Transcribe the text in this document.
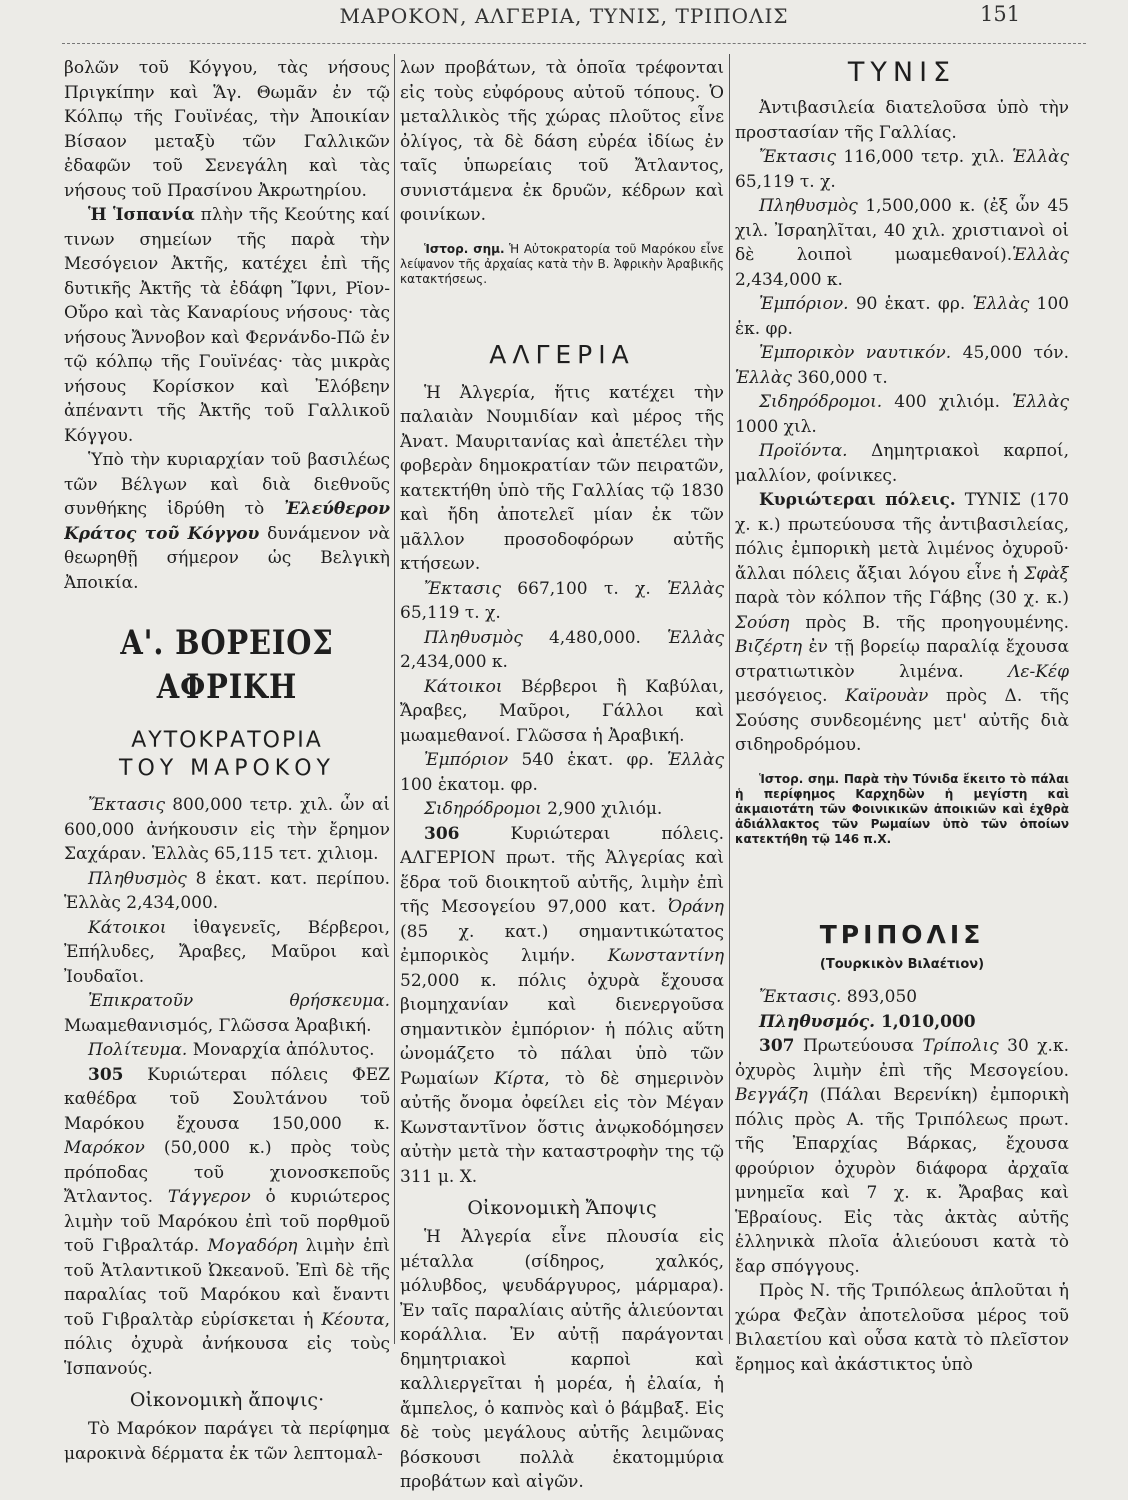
ΜΑΡΟΚΟΝ, ΑΛΓΕΡΙΑ, ΤΥΝΙΣ, ΤΡΙΠΟΛΙΣ	151

βολῶν τοῦ Κόγγου, τὰς νήσους Πριγκίπην καὶ Ἅγ. Θωμᾶν ἐν τῷ Κόλπῳ τῆς Γουϊνέας, τὴν Ἀποικίαν Βίσαον μεταξὺ τῶν Γαλλικῶν ἐδαφῶν τοῦ Σενεγάλη καὶ τὰς νήσους τοῦ Πρασίνου Ἀκρωτηρίου.

Ἡ Ἱσπανία πλὴν τῆς Κεούτης καί τινων σημείων τῆς παρὰ τὴν Μεσόγειον Ἀκτῆς, κατέχει ἐπὶ τῆς δυτικῆς Ἀκτῆς τὰ ἐδάφη Ἴφνι, Ρϊον-Οὔρο καὶ τὰς Καναρίους νήσους· τὰς νήσους Ἄννοβον καὶ Φερνάνδο-Πῶ ἐν τῷ κόλπῳ τῆς Γουϊνέας· τὰς μικρὰς νήσους Κορίσκον καὶ Ἐλόβεην ἀπέναντι τῆς Ἀκτῆς τοῦ Γαλλικοῦ Κόγγου.

Ὑπὸ τὴν κυριαρχίαν τοῦ βασιλέως τῶν Βέλγων καὶ διὰ διεθνοῦς συνθήκης ἱδρύθη τὸ Ἐλεύθερον Κράτος τοῦ Κόγγου δυνάμενον νὰ θεωρηθῇ σήμερον ὡς Βελγικὴ Ἀποικία.

Α'. ΒΟΡΕΙΟΣ ΑΦΡΙΚΗ
ΑΥΤΟΚΡΑΤΟΡΙΑ
ΤΟΥ ΜΑΡΟΚΟΥ

Ἔκτασις 800,000 τετρ. χιλ. ὧν αἱ 600,000 ἀνήκουσιν εἰς τὴν ἔρημον Σαχάραν. Ἑλλὰς 65,115 τετ. χιλιομ.

Πληθυσμὸς 8 ἑκατ. κατ. περίπου. Ἑλλὰς 2,434,000.

Κάτοικοι ἰθαγενεῖς, Βέρβεροι, Ἐπήλυδες, Ἄραβες, Μαῦροι καὶ Ἰουδαῖοι.

Ἐπικρατοῦν θρήσκευμα. Μωαμεθανισμός, Γλῶσσα Ἀραβική.

Πολίτευμα. Μοναρχία ἀπόλυτος.

305 Κυριώτεραι πόλεις ΦΕΖ καθέδρα τοῦ Σουλτάνου τοῦ Μαρόκου ἔχουσα 150,000 κ. Μαρόκον (50,000 κ.) πρὸς τοὺς πρόποδας τοῦ χιονοσκεποῦς Ἄτλαντος. Τάγγερον ὁ κυριώτερος λιμὴν τοῦ Μαρόκου ἐπὶ τοῦ πορθμοῦ τοῦ Γιβραλτάρ. Μογαδόρη λιμὴν ἐπὶ τοῦ Ἀτλαντικοῦ Ὠκεανοῦ. Ἐπὶ δὲ τῆς παραλίας τοῦ Μαρόκου καὶ ἔναντι τοῦ Γιβραλτὰρ εὑρίσκεται ἡ Κέουτα, πόλις ὀχυρὰ ἀνήκουσα εἰς τοὺς Ἱσπανούς.

Οἰκονομικὴ ἄποψις·

Τὸ Μαρόκον παράγει τὰ περίφημα μαροκινὰ δέρματα ἐκ τῶν λεπτομαλ-

λων προβάτων, τὰ ὁποῖα τρέφονται εἰς τοὺς εὐφόρους αὐτοῦ τόπους. Ὁ μεταλλικὸς τῆς χώρας πλοῦτος εἶνε ὀλίγος, τὰ δὲ δάση εὐρέα ἰδίως ἐν ταῖς ὑπωρείαις τοῦ Ἄτλαντος, συνιστάμενα ἐκ δρυῶν, κέδρων καὶ φοινίκων.

Ἱστορ. σημ. Ἡ Αὐτοκρατορία τοῦ Μαρόκου εἶνε λείψανον τῆς ἀρχαίας κατὰ τὴν Β. Ἀφρικὴν Ἀραβικῆς κατακτήσεως.

ΑΛΓΕΡΙΑ

Ἡ Ἀλγερία, ἥτις κατέχει τὴν παλαιὰν Νουμιδίαν καὶ μέρος τῆς Ἀνατ. Μαυριτανίας καὶ ἀπετέλει τὴν φοβερὰν δημοκρατίαν τῶν πειρατῶν, κατεκτήθη ὑπὸ τῆς Γαλλίας τῷ 1830 καὶ ἤδη ἀποτελεῖ μίαν ἐκ τῶν μᾶλλον προσοδοφόρων αὐτῆς κτήσεων.

Ἔκτασις 667,100 τ. χ. Ἑλλὰς 65,119 τ. χ.

Πληθυσμὸς 4,480,000. Ἑλλὰς 2,434,000 κ.

Κάτοικοι Βέρβεροι ἢ Καβύλαι, Ἄραβες, Μαῦροι, Γάλλοι καὶ μωαμεθανοί. Γλῶσσα ἡ Ἀραβική.

Ἐμπόριον 540 ἑκατ. φρ. Ἑλλὰς 100 ἑκατομ. φρ.

Σιδηρόδρομοι 2,900 χιλιόμ.

306 Κυριώτεραι πόλεις. ΑΛΓΕΡΙΟΝ πρωτ. τῆς Ἀλγερίας καὶ ἕδρα τοῦ διοικητοῦ αὐτῆς, λιμὴν ἐπὶ τῆς Μεσογείου 97,000 κατ. Ὀράνη (85 χ. κατ.) σημαντικώτατος ἐμπορικὸς λιμήν. Κωνσταντίνη 52,000 κ. πόλις ὀχυρὰ ἔχουσα βιομηχανίαν καὶ διενεργοῦσα σημαντικὸν ἐμπόριον· ἡ πόλις αὕτη ὠνομάζετο τὸ πάλαι ὑπὸ τῶν Ρωμαίων Κίρτα, τὸ δὲ σημερινὸν αὐτῆς ὄνομα ὀφείλει εἰς τὸν Μέγαν Κωνσταντῖνον ὅστις ἀνῳκοδόμησεν αὐτὴν μετὰ τὴν καταστροφὴν της τῷ 311 μ. Χ.

Οἰκονομικὴ Ἄποψις

Ἡ Ἀλγερία εἶνε πλουσία εἰς μέταλλα (σίδηρος, χαλκός, μόλυβδος, ψευδάργυρος, μάρμαρα). Ἐν ταῖς παραλίαις αὐτῆς ἁλιεύονται κοράλλια. Ἐν αὐτῇ παράγονται δημητριακοὶ καρποὶ καὶ καλλιεργεῖται ἡ μορέα, ἡ ἐλαία, ἡ ἄμπελος, ὁ καπνὸς καὶ ὁ βάμβαξ. Εἰς δὲ τοὺς μεγάλους αὐτῆς λειμῶνας βόσκουσι πολλὰ ἑκατομμύρια προβάτων καὶ αἰγῶν.

ΤΥΝΙΣ

Ἀντιβασιλεία διατελοῦσα ὑπὸ τὴν προστασίαν τῆς Γαλλίας.

Ἔκτασις 116,000 τετρ. χιλ. Ἑλλὰς 65,119 τ. χ.

Πληθυσμὸς 1,500,000 κ. (ἐξ ὧν 45 χιλ. Ἰσραηλῖται, 40 χιλ. χριστιανοὶ οἱ δὲ λοιποὶ μωαμεθανοί).Ἑλλὰς 2,434,000 κ.

Ἐμπόριον. 90 ἑκατ. φρ. Ἑλλὰς 100 ἑκ. φρ.

Ἐμπορικὸν ναυτικόν. 45,000 τόν. Ἑλλὰς 360,000 τ.

Σιδηρόδρομοι. 400 χιλιόμ. Ἑλλὰς 1000 χιλ.

Προϊόντα. Δημητριακοὶ καρποί, μαλλίον, φοίνικες.

Κυριώτεραι πόλεις. ΤΥΝΙΣ (170 χ. κ.) πρωτεύουσα τῆς ἀντιβασιλείας, πόλις ἐμπορικὴ μετὰ λιμένος ὀχυροῦ· ἄλλαι πόλεις ἄξιαι λόγου εἶνε ἡ Σφὰξ παρὰ τὸν κόλπον τῆς Γάβης (30 χ. κ.) Σούση πρὸς Β. τῆς προηγουμένης. Βιζέρτη ἐν τῇ βορείῳ παραλίᾳ ἔχουσα στρατιωτικὸν λιμένα. Λε-Κέφ μεσόγειος. Καϊρουὰν πρὸς Δ. τῆς Σούσης συνδεομένης μετ' αὐτῆς διὰ σιδηροδρόμου.

Ἱστορ. σημ. Παρὰ τὴν Τύνιδα ἔκειτο τὸ πάλαι ἡ περίφημος Καρχηδὼν ἡ μεγίστη καὶ ἀκμαιοτάτη τῶν Φοινικικῶν ἀποικιῶν καὶ ἐχθρὰ ἀδιάλλακτος τῶν Ρωμαίων ὑπὸ τῶν ὁποίων κατεκτήθη τῷ 146 π.Χ.

ΤΡΙΠΟΛΙΣ
(Τουρκικὸν Βιλαέτιον)

Ἔκτασις. 893,050

Πληθυσμός. 1,010,000

307 Πρωτεύουσα Τρίπολις 30 χ.κ. ὀχυρὸς λιμὴν ἐπὶ τῆς Μεσογείου. Βεγγάζη (Πάλαι Βερενίκη) ἐμπορικὴ πόλις πρὸς Α. τῆς Τριπόλεως πρωτ. τῆς Ἐπαρχίας Βάρκας, ἔχουσα φρούριον ὀχυρὸν διάφορα ἀρχαῖα μνημεῖα καὶ 7 χ. κ. Ἄραβας καὶ Ἑβραίους. Εἰς τὰς ἀκτὰς αὐτῆς ἑλληνικὰ πλοῖα ἁλιεύουσι κατὰ τὸ ἔαρ σπόγγους.

Πρὸς Ν. τῆς Τριπόλεως ἁπλοῦται ἡ χώρα Φεζὰν ἀποτελοῦσα μέρος τοῦ Βιλαετίου καὶ οὖσα κατὰ τὸ πλεῖστον ἔρημος καὶ ἀκάστικτος ὑπὸ
